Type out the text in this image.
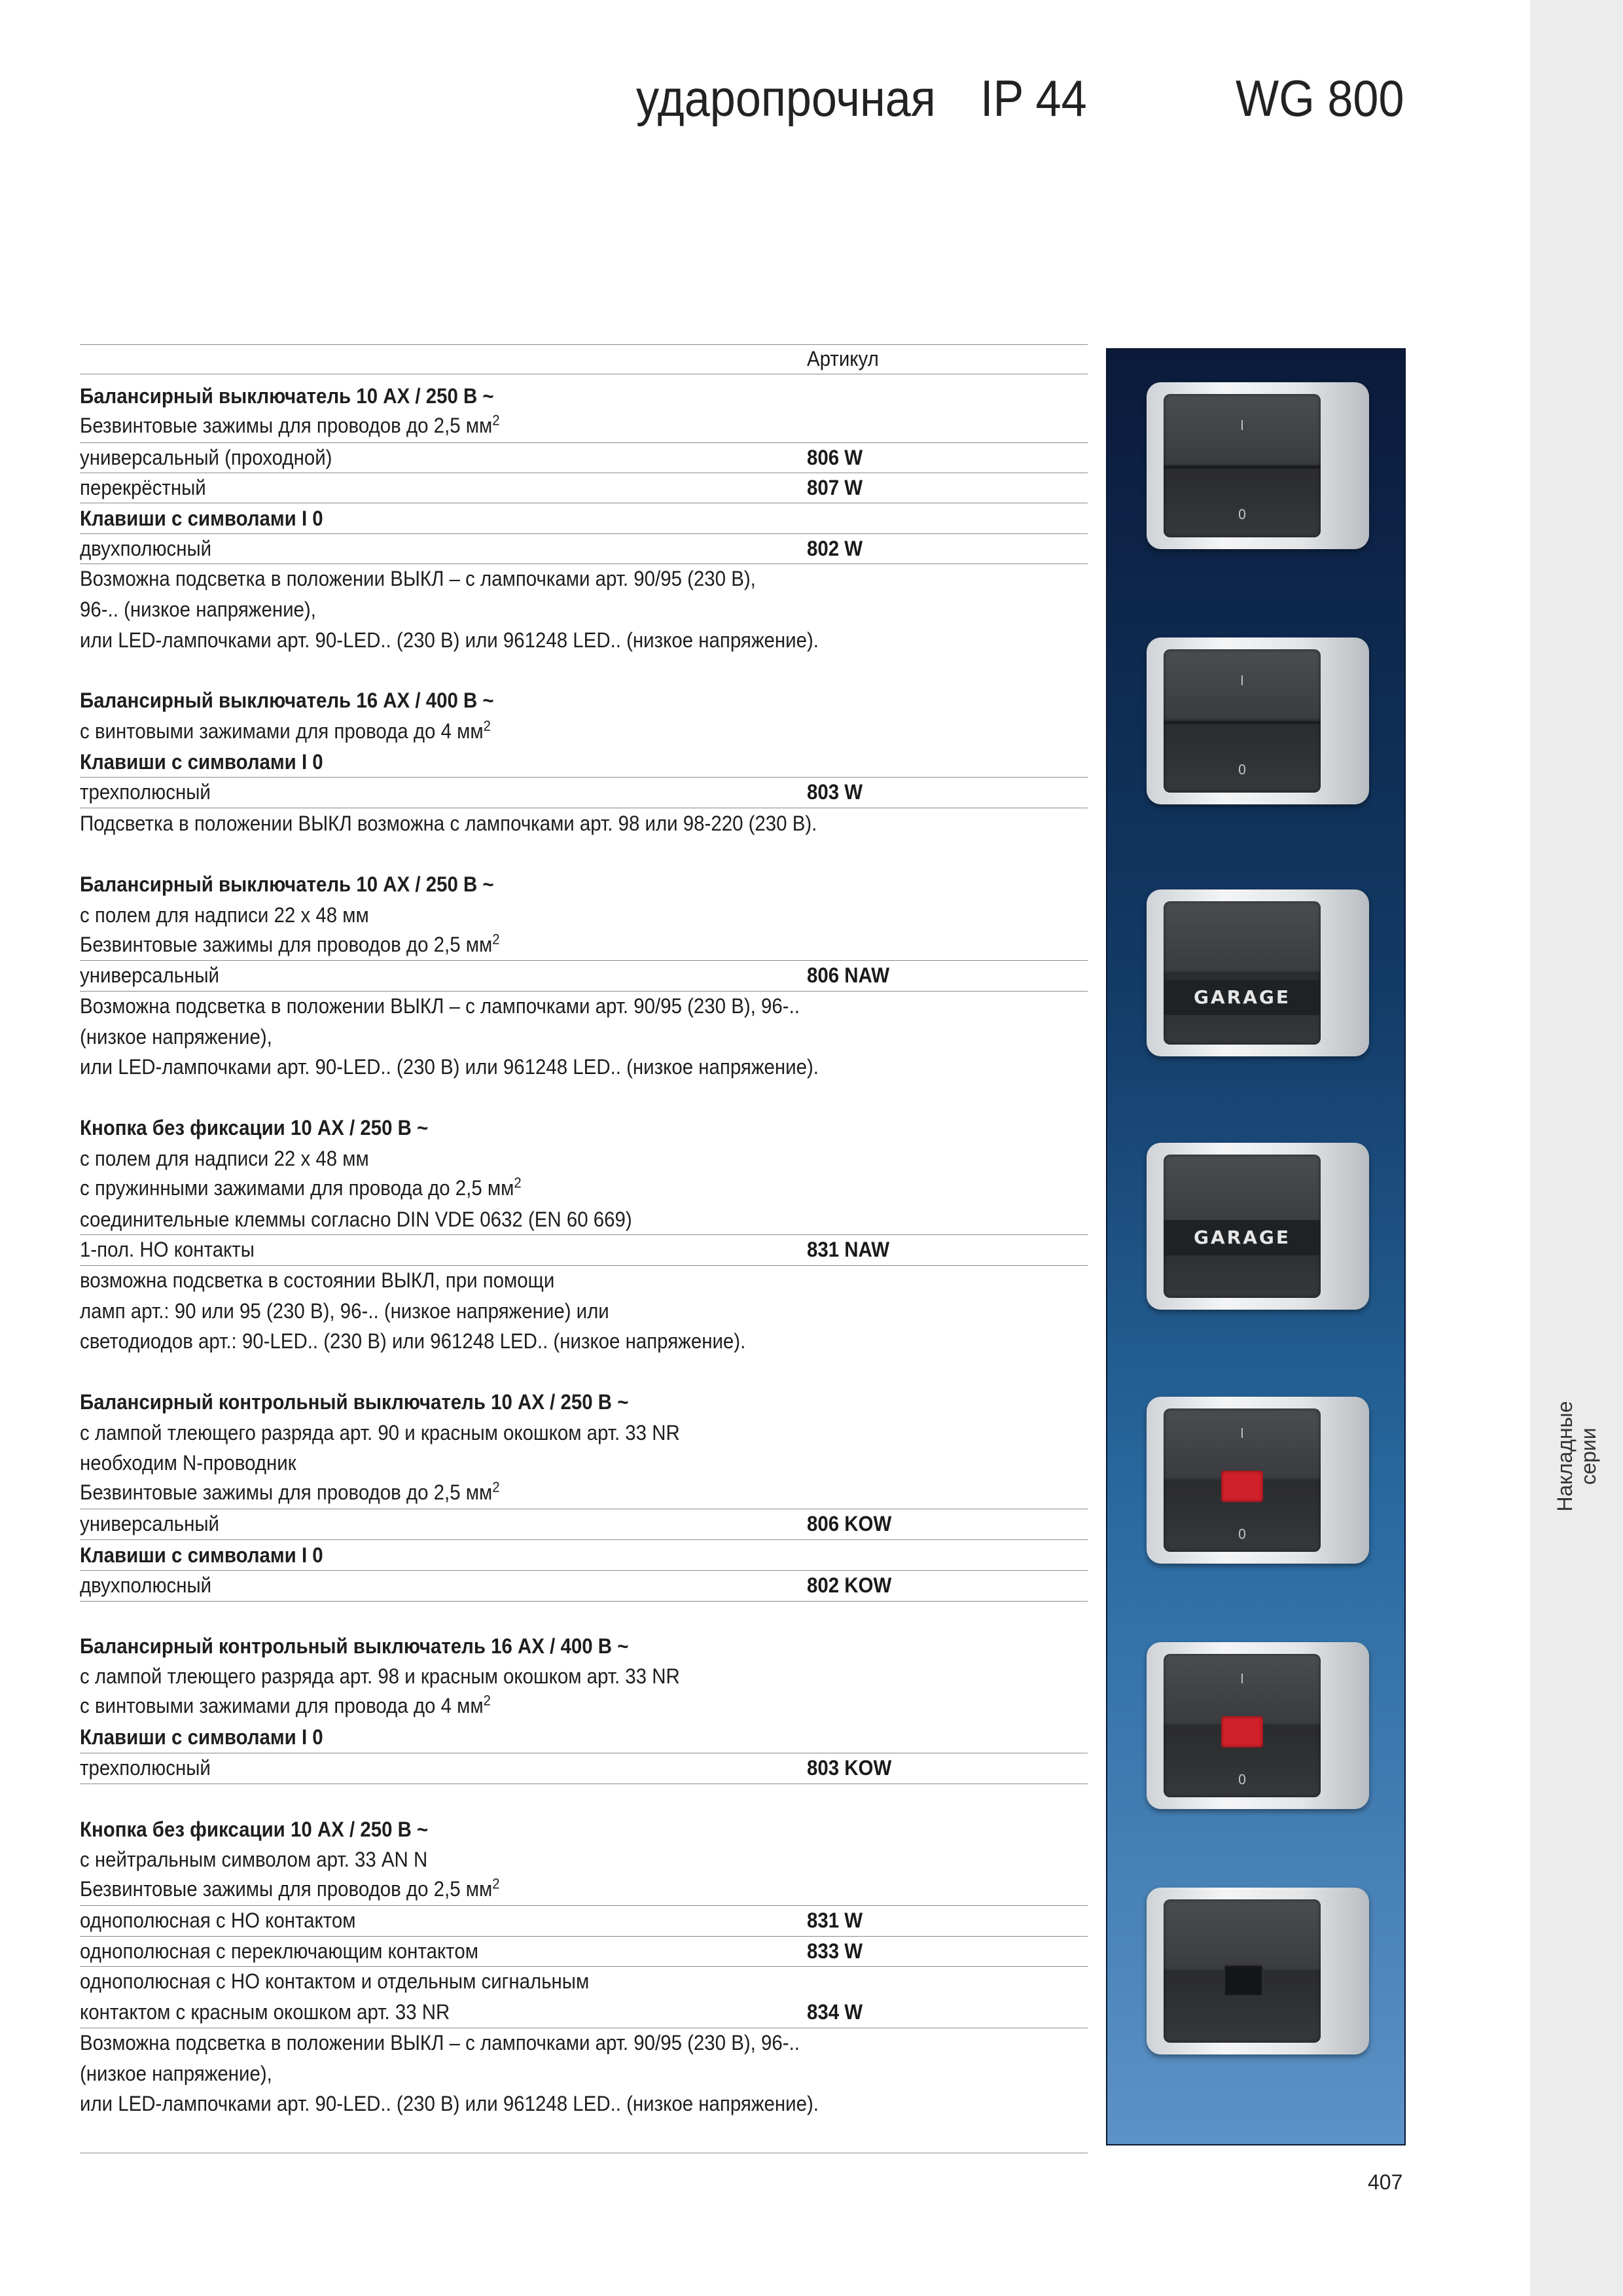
Накладные серии
ударопрочная IP 44	WG 800
Артикул
Балансирный выключатель 10 AX / 250 В ~
Безвинтовые зажимы для проводов до 2,5 $мм^2$
универсальный (проходной)	806 W
перекрёстный	807 W
Клавиши с символами I 0
двухполюсный	802 W
Возможна подсветка в положении ВЫКЛ – с лампочками арт. 90/95 (230 В),
96-.. (низкое напряжение),
или LED-лампочками арт. 90-LED.. (230 В) или 961248 LED.. (низкое напряжение).
Балансирный выключатель 16 AX / 400 В ~
с винтовыми зажимами для провода до 4 $мм^2$
Клавиши с символами I 0
трехполюсный	803 W
Подсветка в положении ВЫКЛ возможна с лампочками арт. 98 или 98-220 (230 В).
Балансирный выключатель 10 AX / 250 В ~
с полем для надписи 22 х 48 мм
Безвинтовые зажимы для проводов до 2,5 $мм^2$
универсальный	806 NAW
Возможна подсветка в положении ВЫКЛ – с лампочками арт. 90/95 (230 В), 96-..
(низкое напряжение),
или LED-лампочками арт. 90-LED.. (230 В) или 961248 LED.. (низкое напряжение).
Кнопка без фиксации 10 AX / 250 В ~
с полем для надписи 22 х 48 мм
с пружинными зажимами для провода до 2,5 $мм^2$
соединительные клеммы согласно DIN VDE 0632 (EN 60 669)
1-пол. НО контакты	831 NAW
возможна подсветка в состоянии ВЫКЛ, при помощи
ламп арт.: 90 или 95 (230 В), 96-.. (низкое напряжение) или
светодиодов арт.: 90-LED.. (230 В) или 961248 LED.. (низкое напряжение).
Балансирный контрольный выключатель 10 AX / 250 В ~
с лампой тлеющего разряда арт. 90 и красным окошком арт. 33 NR
необходим N-проводник
Безвинтовые зажимы для проводов до 2,5 $мм^2$
универсальный	806 KOW
Клавиши с символами I 0
двухполюсный	802 KOW
Балансирный контрольный выключатель 16 AX / 400 В ~
с лампой тлеющего разряда арт. 98 и красным окошком арт. 33 NR
с винтовыми зажимами для провода до 4 $мм^2$
Клавиши с символами I 0
трехполюсный	803 KOW
Кнопка без фиксации 10 AX / 250 В ~
с нейтральным символом арт. 33 AN N
Безвинтовые зажимы для проводов до 2,5 $мм^2$
однополюсная с НО контактом	831 W
однополюсная с переключающим контактом	833 W
однополюсная с НО контактом и отдельным сигнальным
контактом с красным окошком арт. 33 NR	834 W
Возможна подсветка в положении ВЫКЛ – с лампочками арт. 90/95 (230 В), 96-..
(низкое напряжение),
или LED-лампочками арт. 90-LED.. (230 В) или 961248 LED.. (низкое напряжение).
I
0
I
0
GARAGE
GARAGE
I
0
I
0
407
